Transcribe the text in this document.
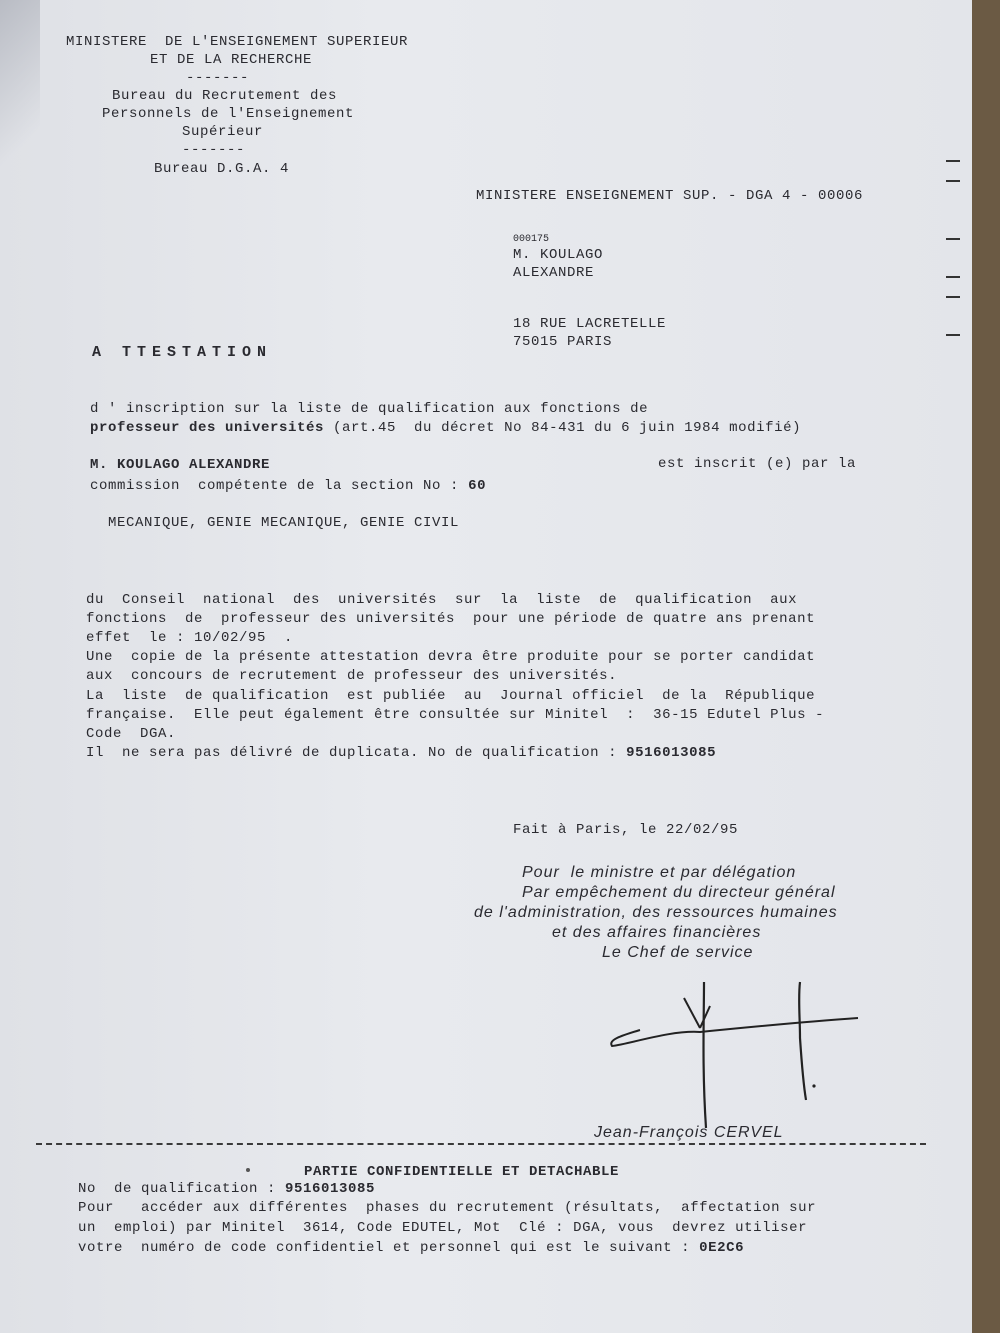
MINISTERE  DE L'ENSEIGNEMENT SUPERIEUR
ET DE LA RECHERCHE
-------
Bureau du Recrutement des
Personnels de l'Enseignement
Supérieur
-------
Bureau D.G.A. 4
MINISTERE ENSEIGNEMENT SUP. - DGA 4 - 00006
000175
M. KOULAGO
ALEXANDRE
18 RUE LACRETELLE
75015 PARIS
A TTESTATION
d ' inscription sur la liste de qualification aux fonctions de
professeur des universités (art.45  du décret No 84-431 du 6 juin 1984 modifié)
M. KOULAGO ALEXANDRE	est inscrit (e) par la
commission  compétente de la section No : 60
MECANIQUE, GENIE MECANIQUE, GENIE CIVIL
du  Conseil  national  des  universités  sur  la  liste  de  qualification  aux
fonctions  de  professeur des universités  pour une période de quatre ans prenant
effet  le : 10/02/95  .
Une  copie de la présente attestation devra être produite pour se porter candidat
aux  concours de recrutement de professeur des universités.
La  liste  de qualification  est publiée  au  Journal officiel  de la  République
française.  Elle peut également être consultée sur Minitel  :  36-15 Edutel Plus -
Code  DGA.
Il  ne sera pas délivré de duplicata. No de qualification : 9516013085
Fait à Paris, le 22/02/95
Pour  le ministre et par délégation
Par empêchement du directeur général
de l'administration, des ressources humaines
et des affaires financières
Le Chef de service
Jean-François CERVEL
PARTIE CONFIDENTIELLE ET DETACHABLE
No  de qualification : 9516013085
Pour   accéder aux différentes  phases du recrutement (résultats,  affectation sur
un  emploi) par Minitel  3614, Code EDUTEL, Mot  Clé : DGA, vous  devrez utiliser
votre  numéro de code confidentiel et personnel qui est le suivant : 0E2C6
